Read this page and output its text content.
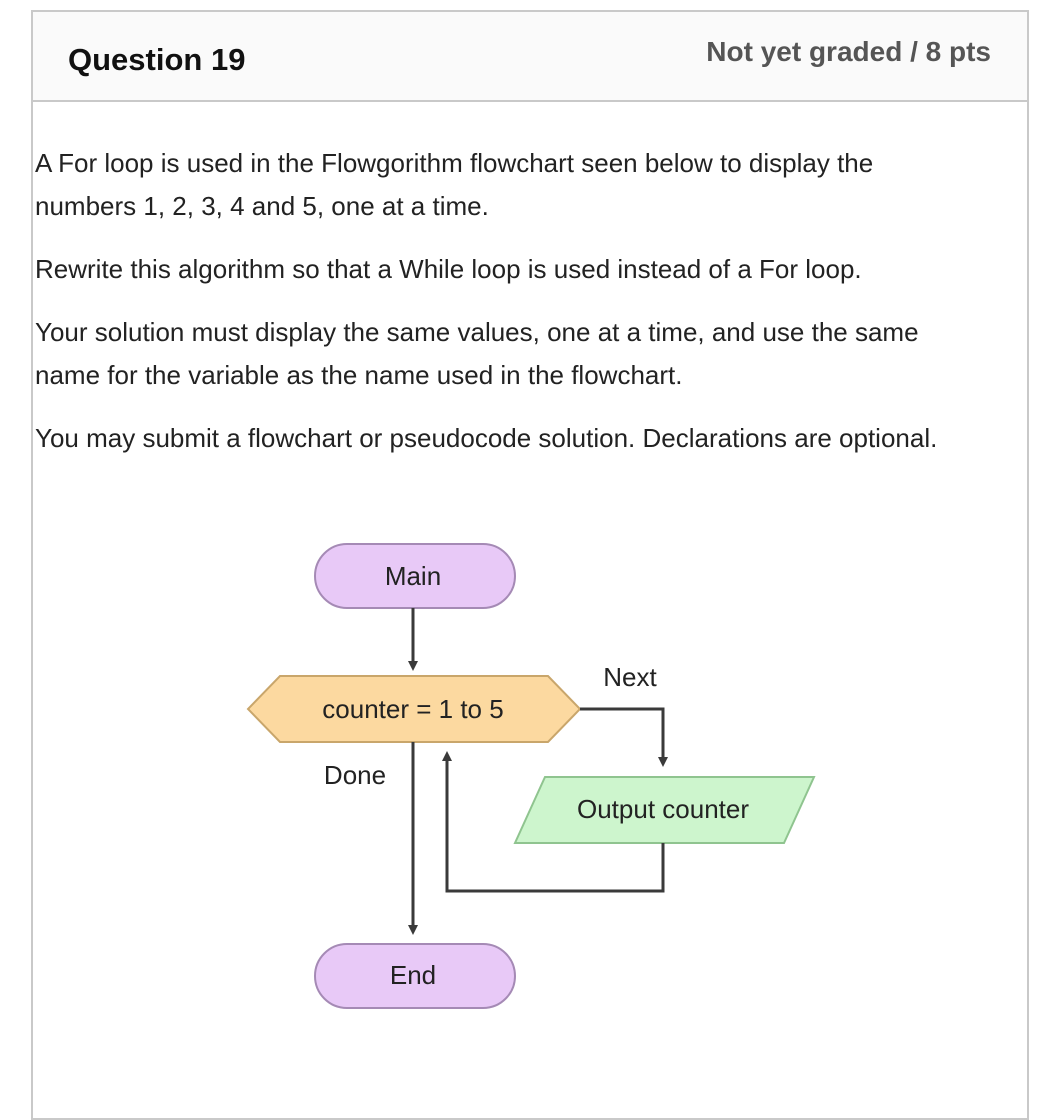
Question 19	Not yet graded / 8 pts

A For loop is used in the Flowgorithm flowchart seen below to display the numbers 1, 2, 3, 4 and 5, one at a time.

Rewrite this algorithm so that a While loop is used instead of a For loop.

Your solution must display the same values, one at a time, and use the same name for the variable as the name used in the flowchart.

You may submit a flowchart or pseudocode solution. Declarations are optional.

Main
counter = 1 to 5
Next
Output counter
Done
End
